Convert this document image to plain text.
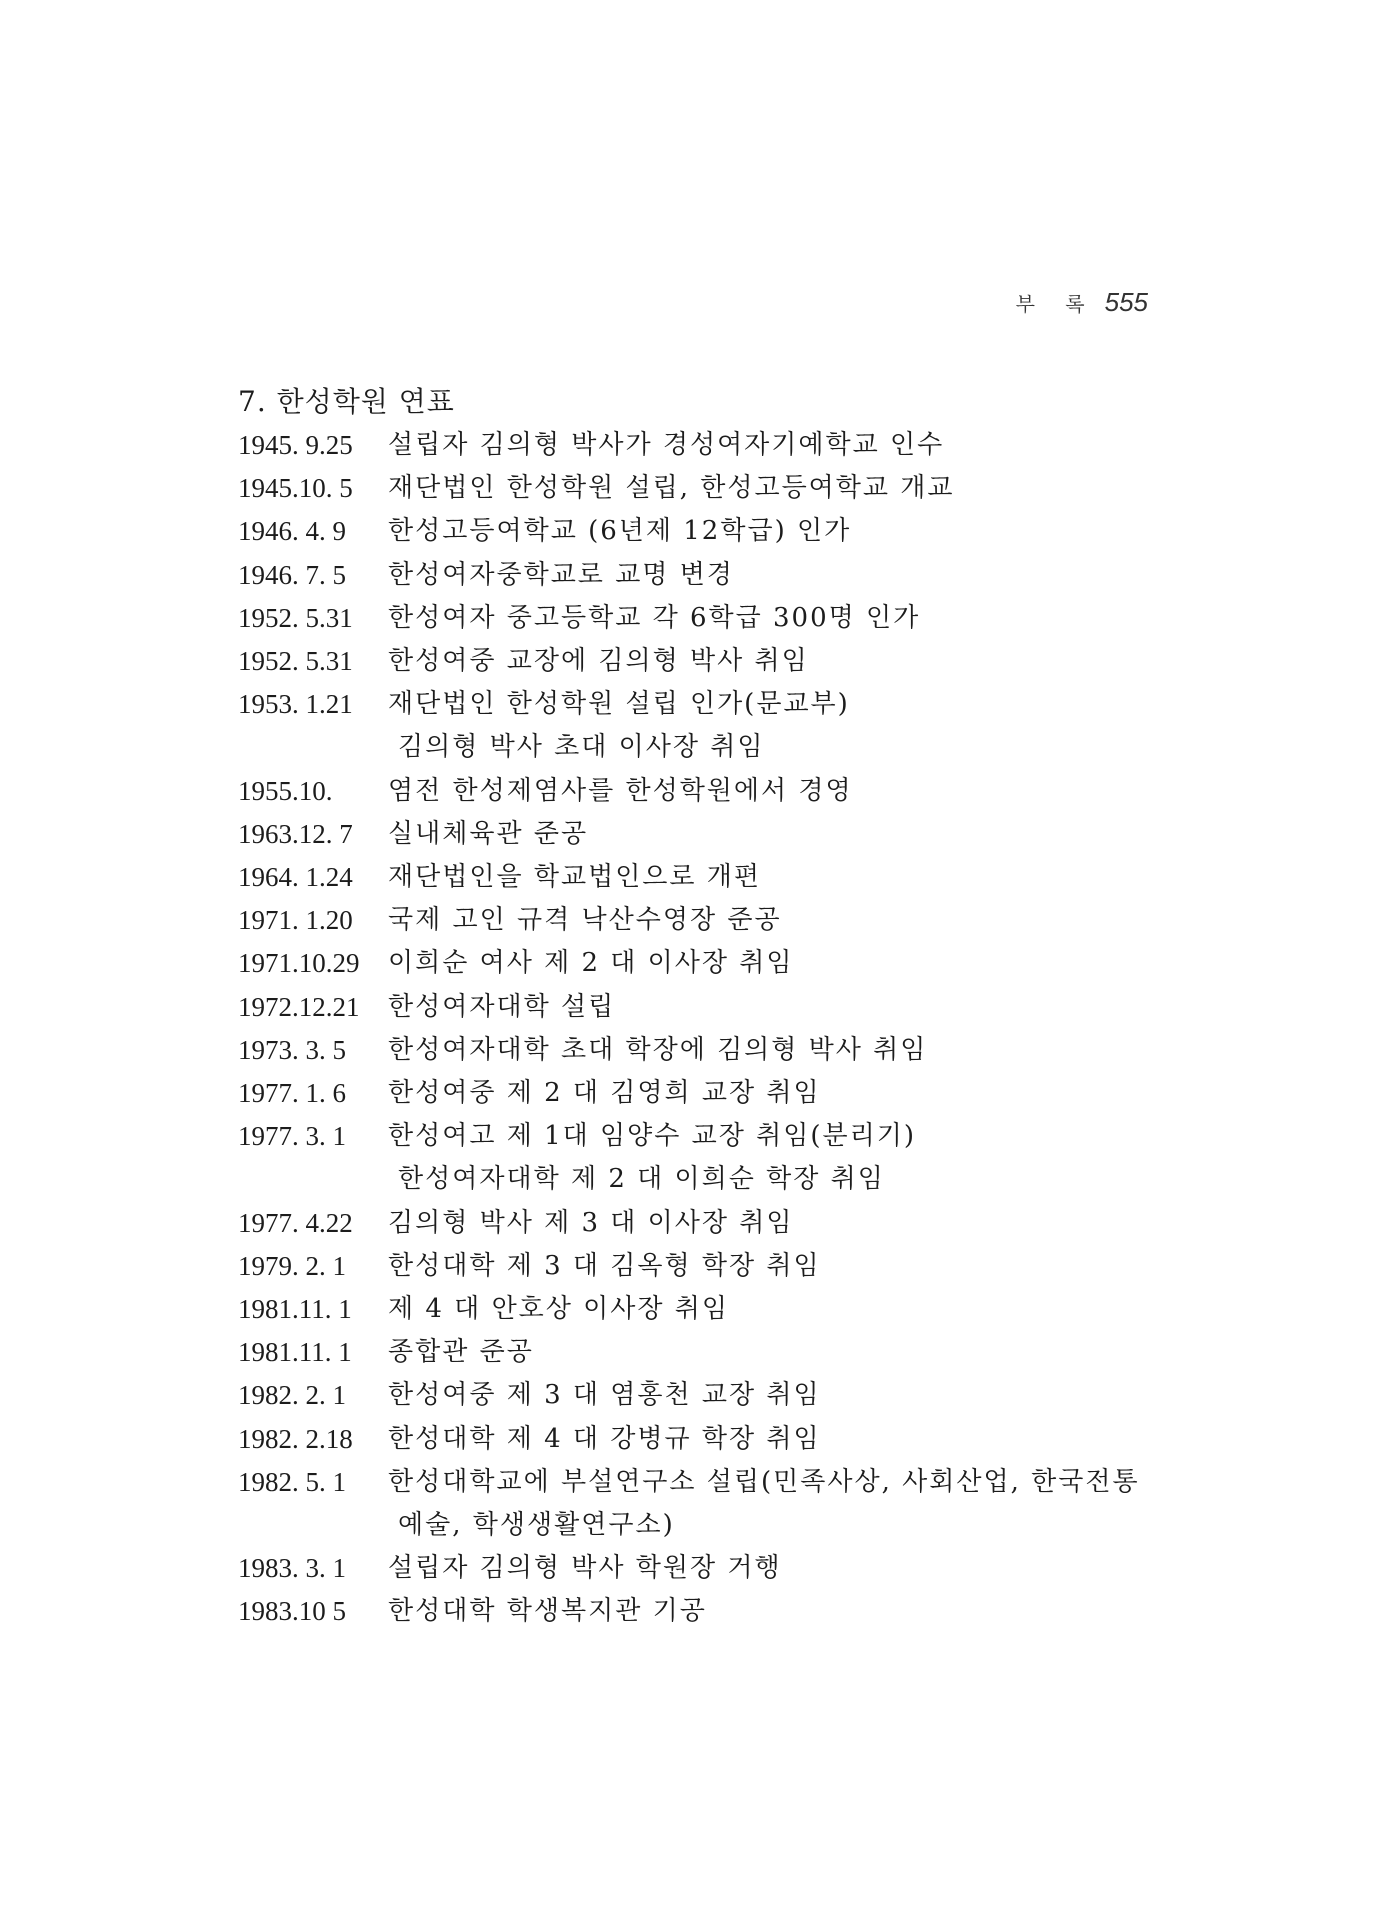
부 록 555
7. 한성학원 연표
1945. 9.25	설립자 김의형 박사가 경성여자기예학교 인수
1945.10. 5	재단법인 한성학원 설립, 한성고등여학교 개교
1946. 4. 9	한성고등여학교 (6년제 12학급) 인가
1946. 7. 5	한성여자중학교로 교명 변경
1952. 5.31	한성여자 중고등학교 각 6학급 300명 인가
1952. 5.31	한성여중 교장에 김의형 박사 취임
1953. 1.21	재단법인 한성학원 설립 인가(문교부)
김의형 박사 초대 이사장 취임
1955.10.	염전 한성제염사를 한성학원에서 경영
1963.12. 7	실내체육관 준공
1964. 1.24	재단법인을 학교법인으로 개편
1971. 1.20	국제 고인 규격 낙산수영장 준공
1971.10.29	이희순 여사 제 2 대 이사장 취임
1972.12.21	한성여자대학 설립
1973. 3. 5	한성여자대학 초대 학장에 김의형 박사 취임
1977. 1. 6	한성여중 제 2 대 김영희 교장 취임
1977. 3. 1	한성여고 제 1대 임양수 교장 취임(분리기)
한성여자대학 제 2 대 이희순 학장 취임
1977. 4.22	김의형 박사 제 3 대 이사장 취임
1979. 2. 1	한성대학 제 3 대 김옥형 학장 취임
1981.11. 1	제 4 대 안호상 이사장 취임
1981.11. 1	종합관 준공
1982. 2. 1	한성여중 제 3 대 염홍천 교장 취임
1982. 2.18	한성대학 제 4 대 강병규 학장 취임
1982. 5. 1	한성대학교에 부설연구소 설립(민족사상, 사회산업, 한국전통
예술, 학생생활연구소)
1983. 3. 1	설립자 김의형 박사 학원장 거행
1983.10 5	한성대학 학생복지관 기공
